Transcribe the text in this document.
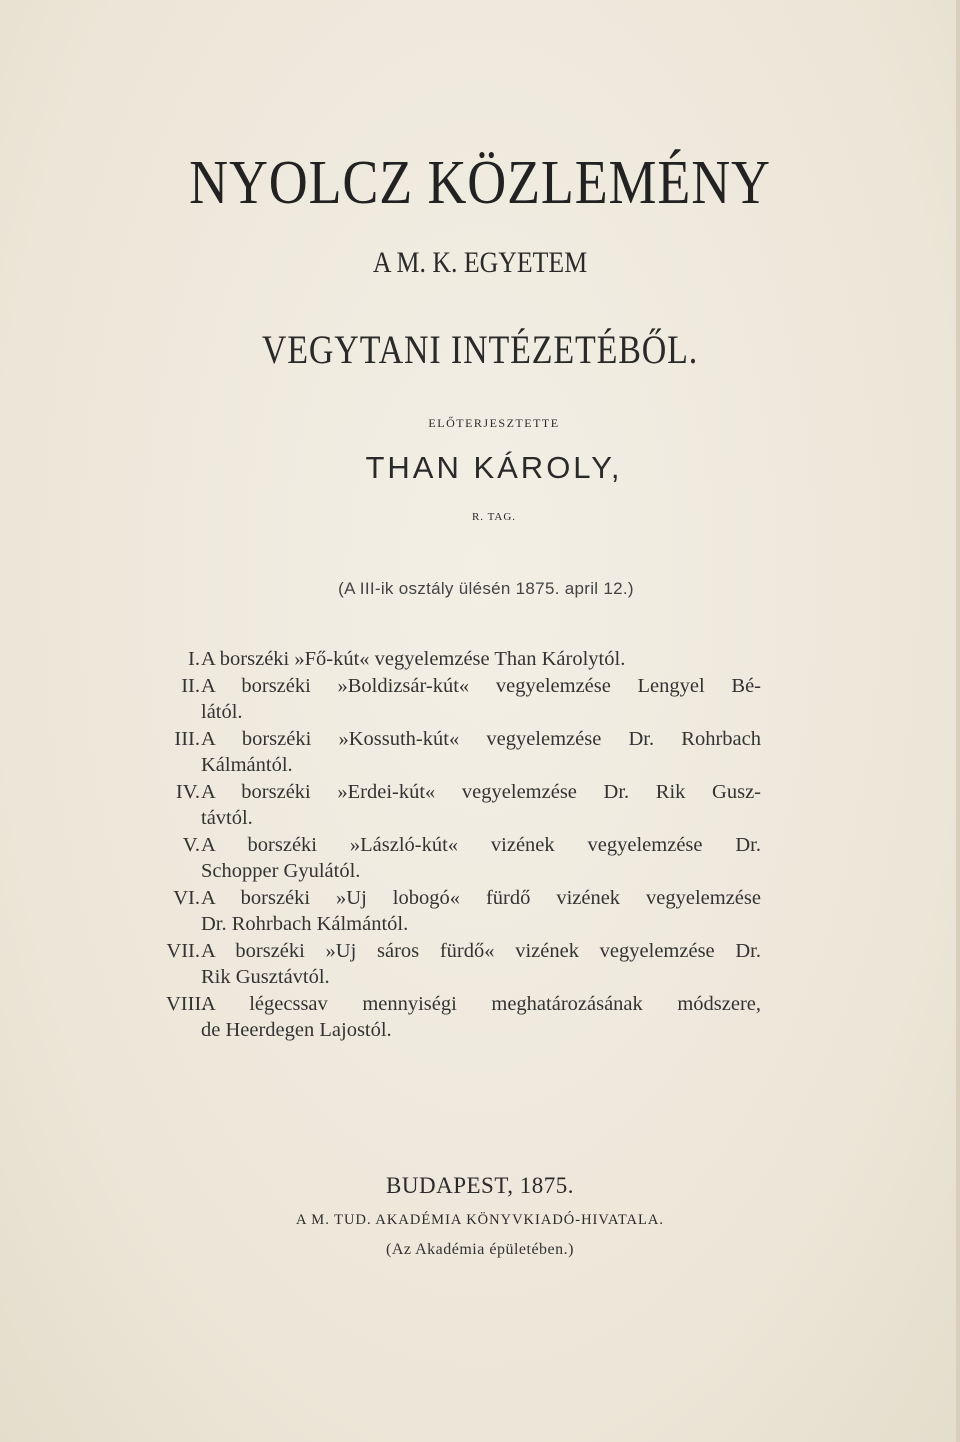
NYOLCZ KÖZLEMÉNY
A M. K. EGYETEM
VEGYTANI INTÉZETÉBŐL.
ELŐTERJESZTETTE
THAN KÁROLY,
R. TAG.
(A III-ik osztály ülésén 1875. april 12.)
I. A borszéki »Fő-kút« vegyelemzése Than Károlytól.
II. A borszéki »Boldizsár-kút« vegyelemzése Lengyel Bé-
lától.
III. A borszéki »Kossuth-kút« vegyelemzése Dr. Rohrbach
Kálmántól.
IV. A borszéki »Erdei-kút« vegyelemzése Dr. Rik Gusz-
távtól.
V. A borszéki »László-kút« vizének vegyelemzése Dr.
Schopper Gyulától.
VI. A borszéki »Uj lobogó« fürdő vizének vegyelemzése
Dr. Rohrbach Kálmántól.
VII. A borszéki »Uj sáros fürdő« vizének vegyelemzése Dr.
Rik Gusztávtól.
VIII.
A légecssav mennyiségi meghatározásának módszere,
de Heerdegen Lajostól.
BUDAPEST, 1875.
A M. TUD. AKADÉMIA KÖNYVKIADÓ-HIVATALA.
(Az Akadémia épületében.)
